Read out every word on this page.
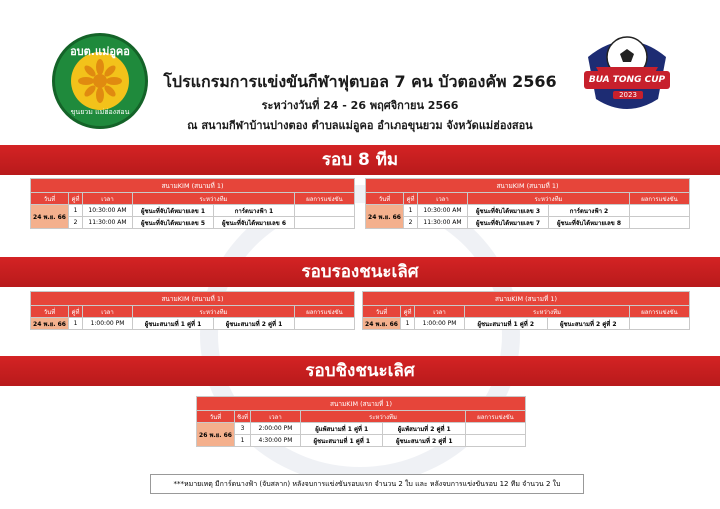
อบต.แม่อูคอ
ขุนยวม แม่ฮ่องสอน
BUA TONG CUP
2023
โปรแกรมการแข่งขันกีฬาฟุตบอล 7 คน บัวตองคัพ 2566
ระหว่างวันที่ 24 - 26 พฤศจิกายน 2566
ณ สนามกีฬาบ้านปางตอง ตำบลแม่อูคอ อำเภอขุนยวม จังหวัดแม่ฮ่องสอน
รอบ 8 ทีม
สนามKIM (สนามที่ 1)					
วันที่	คู่ที่	เวลา	ระหว่างทีม		ผลการแข่งขัน
24 พ.ย. 66	1	10:30:00 AM	ผู้ชนะที่จับได้หมายเลข 1	การ์ดนางฟ้า 1	
	2	11:30:00 AM	ผู้ชนะที่จับได้หมายเลข 5	ผู้ชนะที่จับได้หมายเลข 6	
สนามKIM (สนามที่ 1)					
วันที่	คู่ที่	เวลา	ระหว่างทีม		ผลการแข่งขัน
24 พ.ย. 66	1	10:30:00 AM	ผู้ชนะที่จับได้หมายเลข 3	การ์ดนางฟ้า 2	
	2	11:30:00 AM	ผู้ชนะที่จับได้หมายเลข 7	ผู้ชนะที่จับได้หมายเลข 8	
รอบรองชนะเลิศ
สนามKIM (สนามที่ 1)					
วันที่	คู่ที่	เวลา	ระหว่างทีม		ผลการแข่งขัน
24 พ.ย. 66	1	1:00:00 PM	ผู้ชนะสนามที่ 1 คู่ที่ 1	ผู้ชนะสนามที่ 2 คู่ที่ 1	
สนามKIM (สนามที่ 1)					
วันที่	คู่ที่	เวลา	ระหว่างทีม		ผลการแข่งขัน
24 พ.ย. 66	1	1:00:00 PM	ผู้ชนะสนามที่ 1 คู่ที่ 2	ผู้ชนะสนามที่ 2 คู่ที่ 2	
รอบชิงชนะเลิศ
สนามKIM (สนามที่ 1)					
วันที่	ชิงที่	เวลา	ระหว่างทีม		ผลการแข่งขัน
26 พ.ย. 66	3	2:00:00 PM	ผู้แพ้สนามที่ 1 คู่ที่ 1	ผู้แพ้สนามที่ 2 คู่ที่ 1	
	1	4:30:00 PM	ผู้ชนะสนามที่ 1 คู่ที่ 1	ผู้ชนะสนามที่ 2 คู่ที่ 1	
***หมายเหตุ มีการ์ดนางฟ้า (จับสลาก) หลังจบการแข่งขันรอบแรก จำนวน 2 ใบ และ หลังจบการแข่งขันรอบ 12 ทีม จำนวน 2 ใบ
